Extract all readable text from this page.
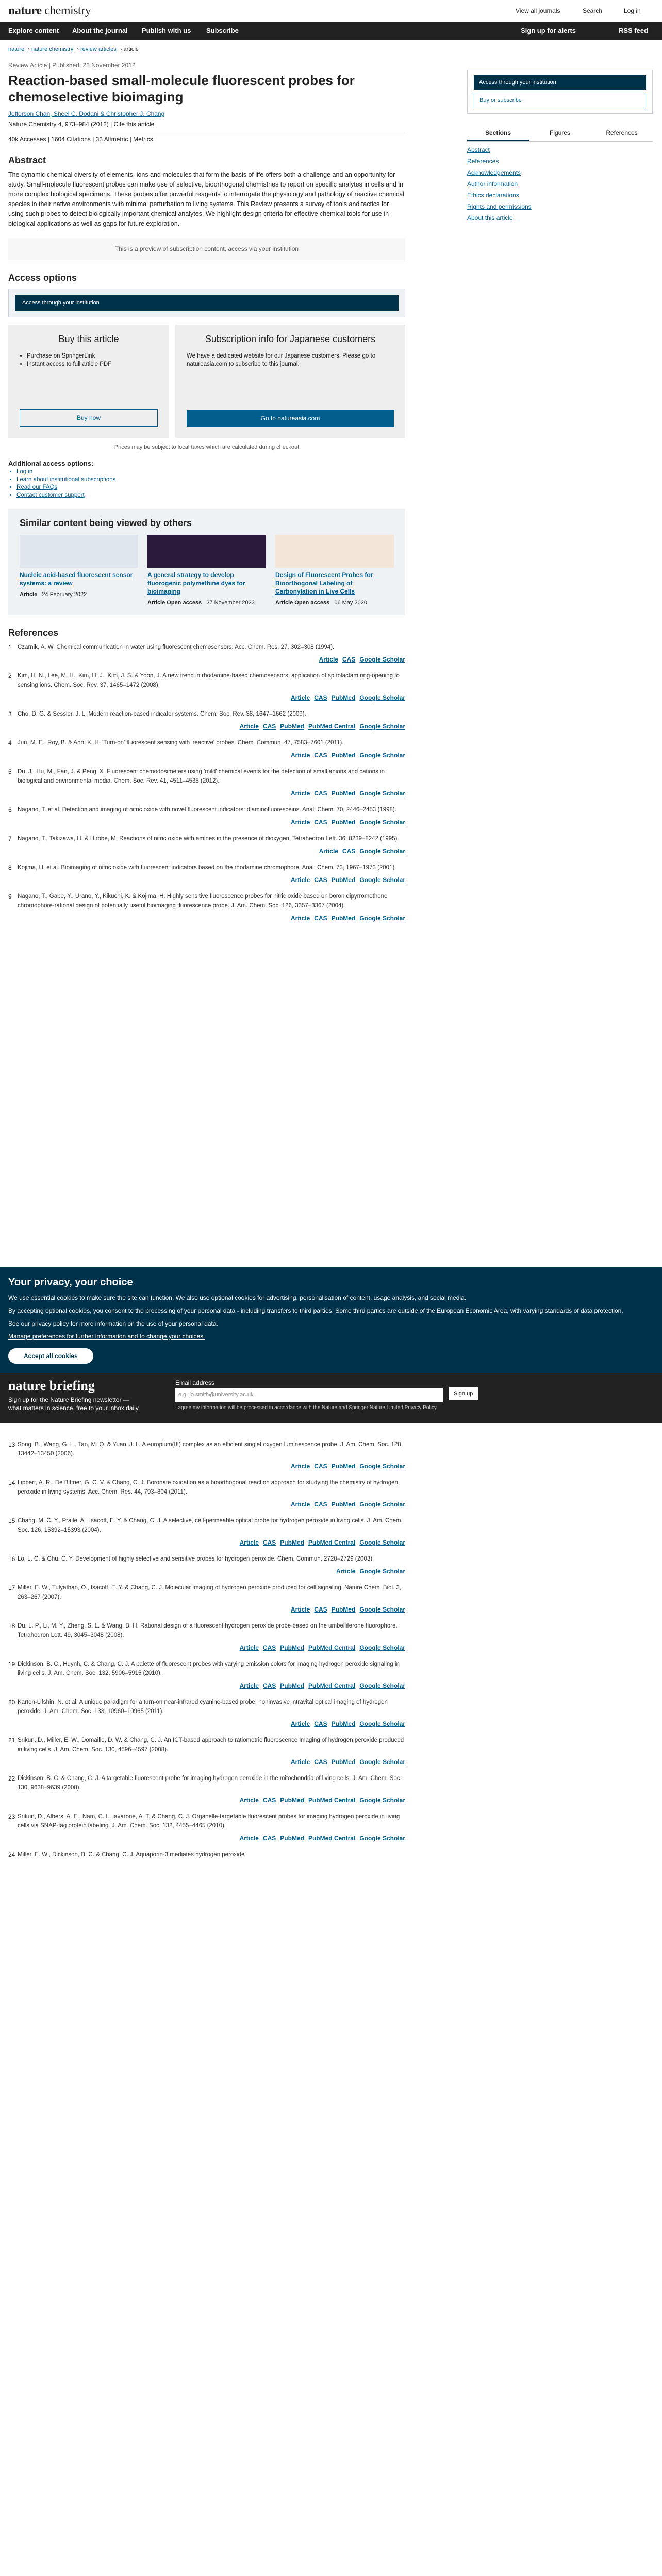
nature chemistry	View all journals	Search	Log in
Explore content About the journal Publish with us Subscribe	Sign up for alerts	RSS feed
nature › nature chemistry › review articles › article
Review Article | Published: 23 November 2012
Reaction-based small-molecule fluorescent probes for chemoselective bioimaging
Jefferson Chan, Sheel C. Dodani & Christopher J. Chang
Nature Chemistry 4, 973–984 (2012) | Cite this article
40k Accesses | 1604 Citations | 33 Altmetric | Metrics
Abstract

The dynamic chemical diversity of elements, ions and molecules that form the basis of life offers both a challenge and an opportunity for study. Small-molecule fluorescent probes can make use of selective, bioorthogonal chemistries to report on specific analytes in cells and in more complex biological specimens. These probes offer powerful reagents to interrogate the physiology and pathology of reactive chemical species in their native environments with minimal perturbation to living systems. This Review presents a survey of tools and tactics for using such probes to detect biologically important chemical analytes. We highlight design criteria for effective chemical tools for use in biological applications as well as gaps for future exploration.

This is a preview of subscription content, access via your institution
Access options
Access through your institution
Buy this article
• Purchase on SpringerLink
• Instant access to full article PDF
Buy now
Subscription info for Japanese customers

We have a dedicated website for our Japanese customers. Please go to natureasia.com to subscribe to this journal.

Go to natureasia.com
Prices may be subject to local taxes which are calculated during checkout
Additional access options:
• Log in
• Learn about institutional subscriptions
• Read our FAQs
• Contact customer support
Similar content being viewed by others
Nucleic acid-based fluorescent sensor systems: a review
Article 24 February 2022
A general strategy to develop fluorogenic polymethine dyes for bioimaging
Article Open access 27 November 2023
Design of Fluorescent Probes for Bioorthogonal Labeling of Carbonylation in Live Cells
Article Open access 06 May 2020
References
1 Czarnik, A. W. Chemical communication in water using fluorescent chemosensors. Acc. Chem. Res. 27, 302–308 (1994).
Article CAS Google Scholar
2 Kim, H. N., Lee, M. H., Kim, H. J., Kim, J. S. & Yoon, J. A new trend in rhodamine-based chemosensors: application of spirolactam ring-opening to sensing ions. Chem. Soc. Rev. 37, 1465–1472 (2008).
Article CAS PubMed Google Scholar
3 Cho, D. G. & Sessler, J. L. Modern reaction-based indicator systems. Chem. Soc. Rev. 38, 1647–1662 (2009).
Article CAS PubMed PubMed Central Google Scholar
4 Jun, M. E., Roy, B. & Ahn, K. H. 'Turn-on' fluorescent sensing with 'reactive' probes. Chem. Commun. 47, 7583–7601 (2011).
Article CAS PubMed Google Scholar
5 Du, J., Hu, M., Fan, J. & Peng, X. Fluorescent chemodosimeters using 'mild' chemical events for the detection of small anions and cations in biological and environmental media. Chem. Soc. Rev. 41, 4511–4535 (2012).
Article CAS PubMed Google Scholar
6 Nagano, T. et al. Detection and imaging of nitric oxide with novel fluorescent indicators: diaminofluoresceins. Anal. Chem. 70, 2446–2453 (1998).
Article CAS PubMed Google Scholar
7 Nagano, T., Takizawa, H. & Hirobe, M. Reactions of nitric oxide with amines in the presence of dioxygen. Tetrahedron Lett. 36, 8239–8242 (1995).
Article CAS Google Scholar
8 Kojima, H. et al. Bioimaging of nitric oxide with fluorescent indicators based on the rhodamine chromophore. Anal. Chem. 73, 1967–1973 (2001).
Article CAS PubMed Google Scholar
9 Nagano, T., Gabe, Y., Urano, Y., Kikuchi, K. & Kojima, H. Highly sensitive fluorescence probes for nitric oxide based on boron dipyrromethene chromophore-rational design of potentially useful bioimaging fluorescence probe. J. Am. Chem. Soc. 126, 3357–3367 (2004).
Article CAS PubMed Google Scholar
Access through your institution
Buy or subscribe
Sections	Figures	References
Abstract
References
Acknowledgements
Author information
Ethics declarations
Rights and permissions
About this article
Your privacy, your choice

We use essential cookies to make sure the site can function. We also use optional cookies for advertising, personalisation of content, usage analysis, and social media.

By accepting optional cookies, you consent to the processing of your personal data - including transfers to third parties. Some third parties are outside of the European Economic Area, with varying standards of data protection.

See our privacy policy for more information on the use of your personal data.

Manage preferences for further information and to change your choices.

Accept all cookies
nature briefing
Sign up for the Nature Briefing newsletter — what matters in science, free to your inbox daily.
Email address
e.g. jo.smith@university.ac.uk
I agree my information will be processed in accordance with the Nature and Springer Nature Limited Privacy Policy.
Sign up
13 Song, B., Wang, G. L., Tan, M. Q. & Yuan, J. L. A europium(III) complex as an efficient singlet oxygen luminescence probe. J. Am. Chem. Soc. 128, 13442–13450 (2006).
Article CAS PubMed Google Scholar
14 Lippert, A. R., De Bittner, G. C. V. & Chang, C. J. Boronate oxidation as a bioorthogonal reaction approach for studying the chemistry of hydrogen peroxide in living systems. Acc. Chem. Res. 44, 793–804 (2011).
Article CAS PubMed Google Scholar
15 Chang, M. C. Y., Pralle, A., Isacoff, E. Y. & Chang, C. J. A selective, cell-permeable optical probe for hydrogen peroxide in living cells. J. Am. Chem. Soc. 126, 15392–15393 (2004).
Article CAS PubMed PubMed Central Google Scholar
16 Lo, L. C. & Chu, C. Y. Development of highly selective and sensitive probes for hydrogen peroxide. Chem. Commun. 2728–2729 (2003).
Article Google Scholar
17 Miller, E. W., Tulyathan, O., Isacoff, E. Y. & Chang, C. J. Molecular imaging of hydrogen peroxide produced for cell signaling. Nature Chem. Biol. 3, 263–267 (2007).
Article CAS PubMed Google Scholar
18 Du, L. P., Li, M. Y., Zheng, S. L. & Wang, B. H. Rational design of a fluorescent hydrogen peroxide probe based on the umbelliferone fluorophore. Tetrahedron Lett. 49, 3045–3048 (2008).
Article CAS PubMed PubMed Central Google Scholar
19 Dickinson, B. C., Huynh, C. & Chang, C. J. A palette of fluorescent probes with varying emission colors for imaging hydrogen peroxide signaling in living cells. J. Am. Chem. Soc. 132, 5906–5915 (2010).
Article CAS PubMed PubMed Central Google Scholar
20 Karton-Lifshin, N. et al. A unique paradigm for a turn-on near-infrared cyanine-based probe: noninvasive intravital optical imaging of hydrogen peroxide. J. Am. Chem. Soc. 133, 10960–10965 (2011).
Article CAS PubMed Google Scholar
21 Srikun, D., Miller, E. W., Domaille, D. W. & Chang, C. J. An ICT-based approach to ratiometric fluorescence imaging of hydrogen peroxide produced in living cells. J. Am. Chem. Soc. 130, 4596–4597 (2008).
Article CAS PubMed Google Scholar
22 Dickinson, B. C. & Chang, C. J. A targetable fluorescent probe for imaging hydrogen peroxide in the mitochondria of living cells. J. Am. Chem. Soc. 130, 9638–9639 (2008).
Article CAS PubMed PubMed Central Google Scholar
23 Srikun, D., Albers, A. E., Nam, C. I., Iavarone, A. T. & Chang, C. J. Organelle-targetable fluorescent probes for imaging hydrogen peroxide in living cells via SNAP-tag protein labeling. J. Am. Chem. Soc. 132, 4455–4465 (2010).
Article CAS PubMed PubMed Central Google Scholar
24 Miller, E. W., Dickinson, B. C. & Chang, C. J. Aquaporin-3 mediates hydrogen peroxide
